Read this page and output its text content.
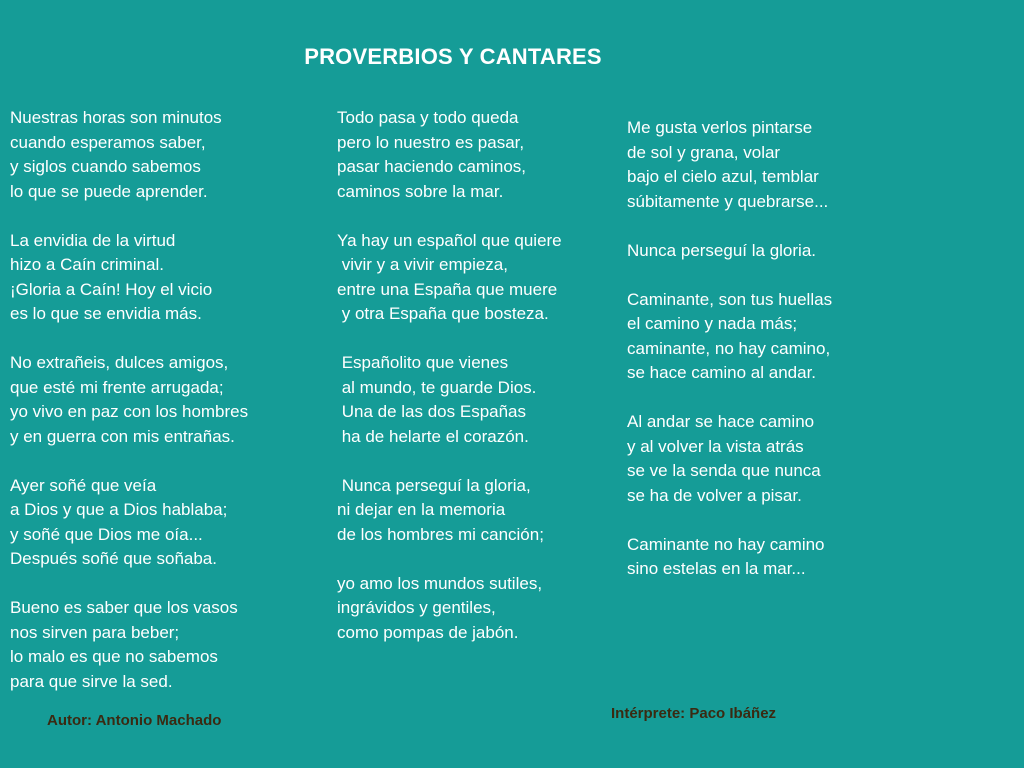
PROVERBIOS Y CANTARES

Nuestras horas son minutos
cuando esperamos saber,
y siglos cuando sabemos
lo que se puede aprender.

La envidia de la virtud
hizo a Caín criminal.
¡Gloria a Caín! Hoy el vicio
es lo que se envidia más.

No extrañeis, dulces amigos,
que esté mi frente arrugada;
yo vivo en paz con los hombres
y en guerra con mis entrañas.

Ayer soñé que veía
a Dios y que a Dios hablaba;
y soñé que Dios me oía...
Después soñé que soñaba.

Bueno es saber que los vasos
nos sirven para beber;
lo malo es que no sabemos
para que sirve la sed.

Todo pasa y todo queda
pero lo nuestro es pasar,
pasar haciendo caminos,
caminos sobre la mar.

Ya hay un español que quiere
vivir y a vivir empieza,
entre una España que muere
y otra España que bosteza.

Españolito que vienes
al mundo, te guarde Dios.
Una de las dos Españas
ha de helarte el corazón.

Nunca perseguí la gloria,
ni dejar en la memoria
de los hombres mi canción;

yo amo los mundos sutiles,
ingrávidos y gentiles,
como pompas de jabón.

Me gusta verlos pintarse
de sol y grana, volar
bajo el cielo azul, temblar
súbitamente y quebrarse...

Nunca perseguí la gloria.

Caminante, son tus huellas
el camino y nada más;
caminante, no hay camino,
se hace camino al andar.

Al andar se hace camino
y al volver la vista atrás
se ve la senda que nunca
se ha de volver a pisar.

Caminante no hay camino
sino estelas en la mar...

Autor: Antonio Machado	Intérprete: Paco Ibáñez
